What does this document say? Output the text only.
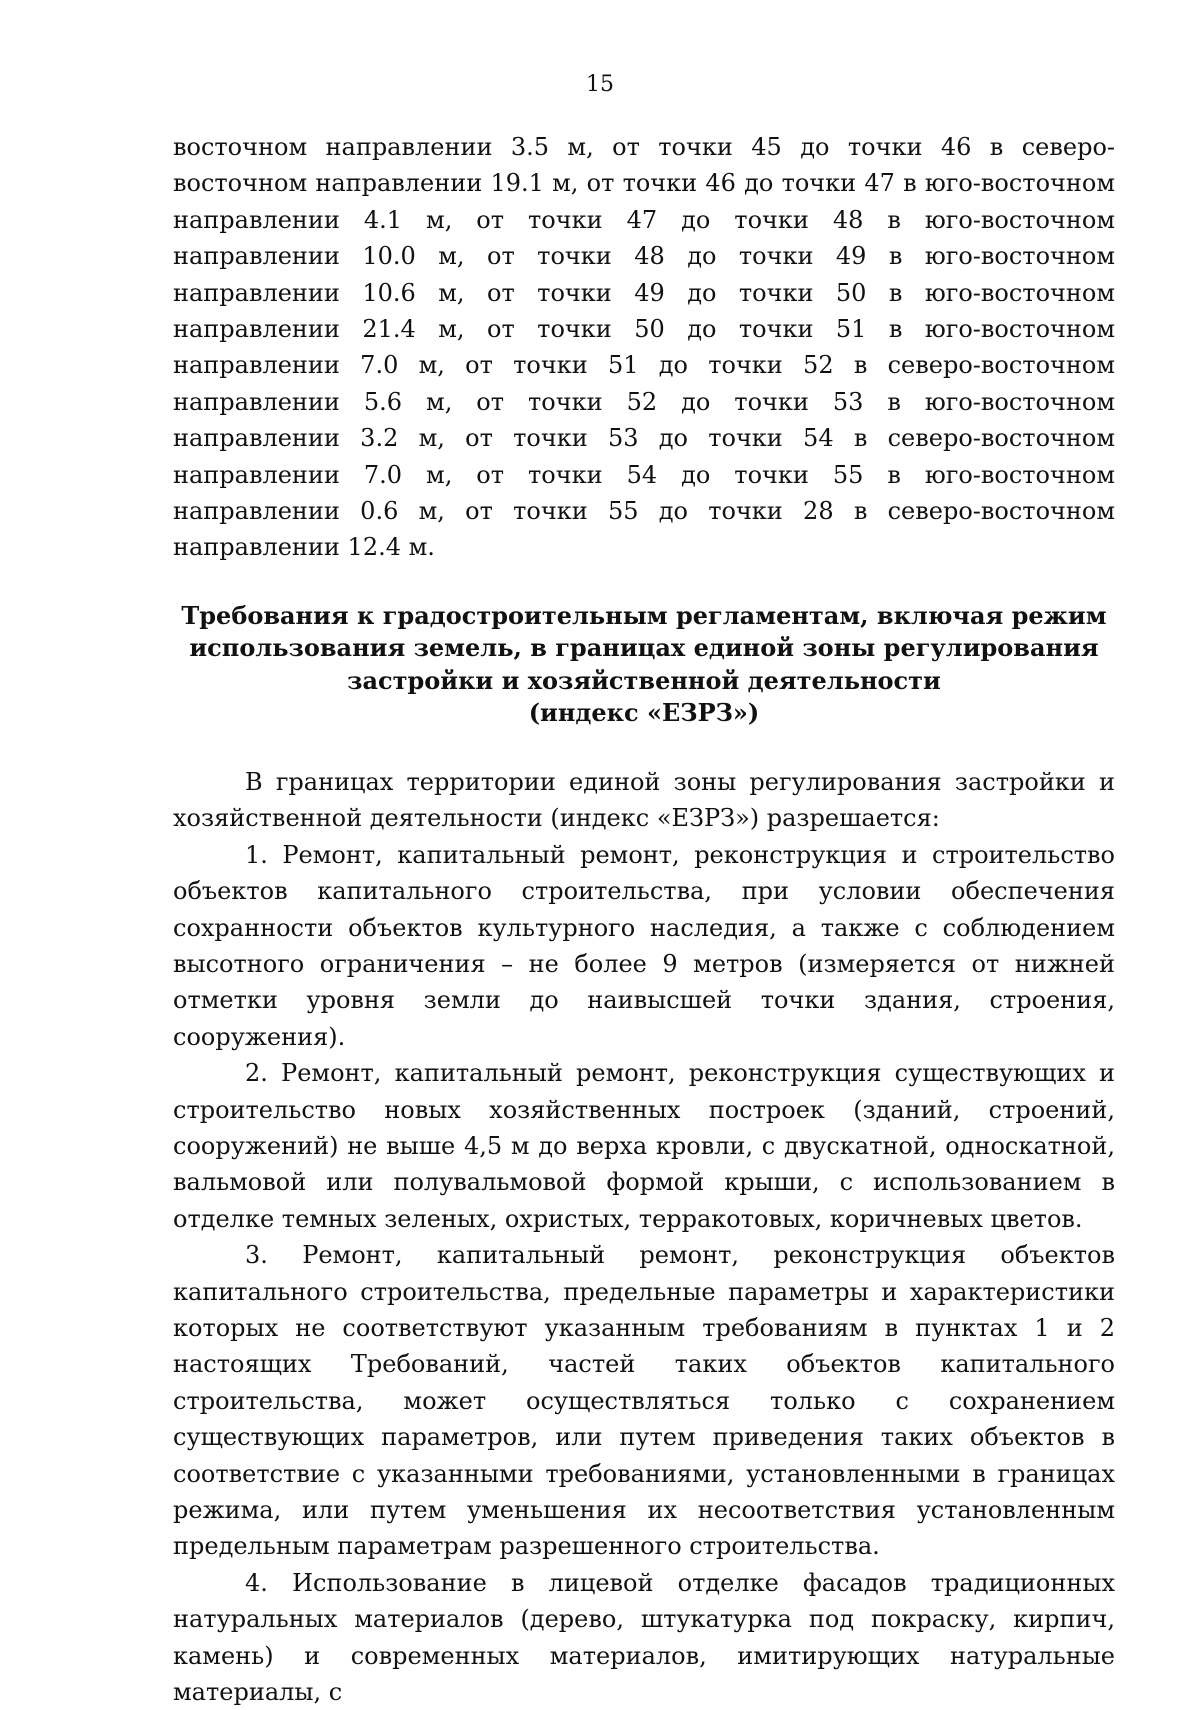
15

восточном направлении 3.5 м, от точки 45 до точки 46 в северо-восточном направлении 19.1 м, от точки 46 до точки 47 в юго-восточном направлении 4.1 м, от точки 47 до точки 48 в юго-восточном направлении 10.0 м, от точки 48 до точки 49 в юго-восточном направлении 10.6 м, от точки 49 до точки 50 в юго-восточном направлении 21.4 м, от точки 50 до точки 51 в юго-восточном направлении 7.0 м, от точки 51 до точки 52 в северо-восточном направлении 5.6 м, от точки 52 до точки 53 в юго-восточном направлении 3.2 м, от точки 53 до точки 54 в северо-восточном направлении 7.0 м, от точки 54 до точки 55 в юго-восточном направлении 0.6 м, от точки 55 до точки 28 в северо-восточном направлении 12.4 м.

Требования к градостроительным регламентам, включая режим
использования земель, в границах единой зоны регулирования
застройки и хозяйственной деятельности
(индекс «ЕЗРЗ»)

В границах территории единой зоны регулирования застройки и хозяйственной деятельности (индекс «ЕЗРЗ») разрешается:

1. Ремонт, капитальный ремонт, реконструкция и строительство объектов капитального строительства, при условии обеспечения сохранности объектов культурного наследия, а также с соблюдением высотного ограничения – не более 9 метров (измеряется от нижней отметки уровня земли до наивысшей точки здания, строения, сооружения).

2. Ремонт, капитальный ремонт, реконструкция существующих и строительство новых хозяйственных построек (зданий, строений, сооружений) не выше 4,5 м до верха кровли, с двускатной, односкатной, вальмовой или полувальмовой формой крыши, с использованием в отделке темных зеленых, охристых, терракотовых, коричневых цветов.

3. Ремонт, капитальный ремонт, реконструкция объектов капитального строительства, предельные параметры и характеристики которых не соответствуют указанным требованиям в пунктах 1 и 2 настоящих Требований, частей таких объектов капитального строительства, может осуществляться только с сохранением существующих параметров, или путем приведения таких объектов в соответствие с указанными требованиями, установленными в границах режима, или путем уменьшения их несоответствия установленным предельным параметрам разрешенного строительства.

4. Использование в лицевой отделке фасадов традиционных натуральных материалов (дерево, штукатурка под покраску, кирпич, камень) и современных материалов, имитирующих натуральные материалы, с
